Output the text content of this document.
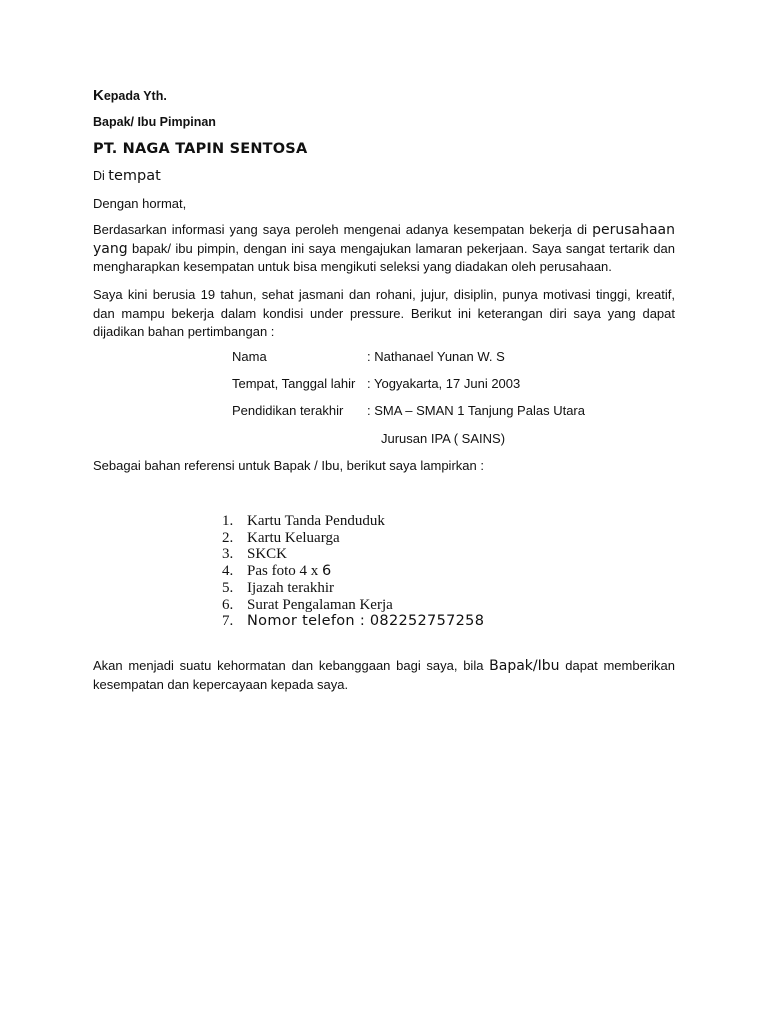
Kepada Yth.
Bapak/ Ibu Pimpinan
PT. NAGA TAPIN SENTOSA
Di tempat
Dengan hormat,
Berdasarkan informasi yang saya peroleh mengenai adanya kesempatan bekerja di perusahaan yang bapak/ ibu pimpin, dengan ini saya mengajukan lamaran pekerjaan. Saya sangat tertarik dan mengharapkan kesempatan untuk bisa mengikuti seleksi yang diadakan oleh perusahaan.
Saya kini berusia 19 tahun, sehat jasmani dan rohani, jujur, disiplin, punya motivasi tinggi, kreatif, dan mampu bekerja dalam kondisi under pressure. Berikut ini keterangan diri saya yang dapat dijadikan bahan pertimbangan :
Nama	: Nathanael Yunan W. S
Tempat, Tanggal lahir : Yogyakarta, 17 Juni 2003
Pendidikan terakhir : SMA – SMAN 1 Tanjung Palas Utara
Jurusan IPA ( SAINS)
Sebagai bahan referensi untuk Bapak / Ibu, berikut saya lampirkan :
1. Kartu Tanda Penduduk
2. Kartu Keluarga
3. SKCK
4. Pas foto 4 x 6
5. Ijazah terakhir
6. Surat Pengalaman Kerja
7. Nomor telefon : 082252757258
Akan menjadi suatu kehormatan dan kebanggaan bagi saya, bila Bapak/Ibu dapat memberikan kesempatan dan kepercayaan kepada saya.
